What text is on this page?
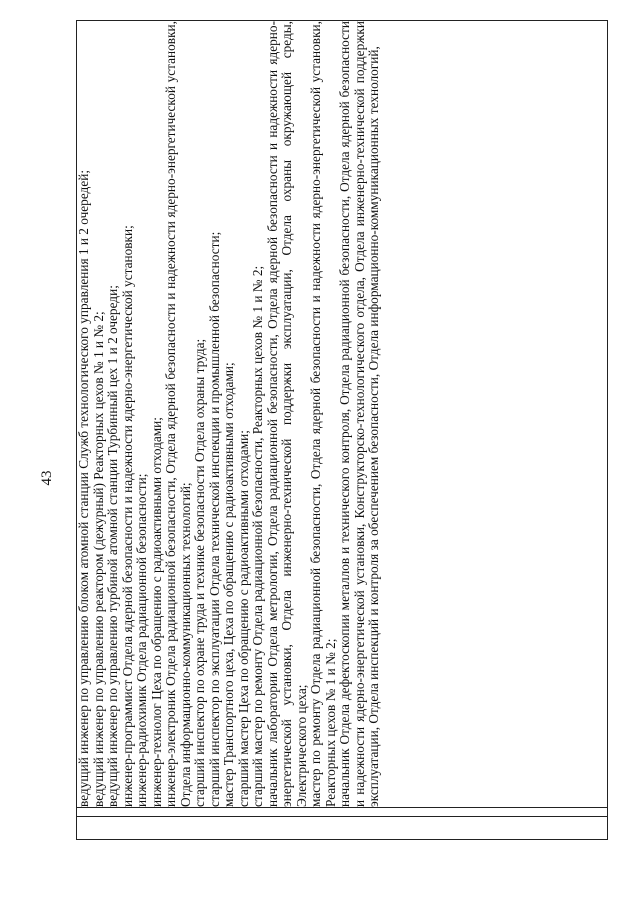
43

		ведущий инженер по управлению блоком атомной станции Служб технологического управления 1 и 2 очередей; ведущий инженер по управлению реактором (дежурный) Реакторных цехов № 1 и № 2; ведущий инженер по управлению турбиной атомной станции Турбинный цех 1 и 2 очереди; инженер-программист Отдела ядерной безопасности и надежности ядерно-энергетической установки; инженер-радиохимик Отдела радиационной безопасности; инженер-технолог Цеха по обращению с радиоактивными отходами; инженер-электроник Отдела радиационной безопасности, Отдела ядерной безопасности и надежности ядерно-энергетической установки, Отдела информационно-коммуникационных технологий; старший инспектор по охране труда и технике безопасности Отдела охраны труда; старший инспектор по эксплуатации Отдела технической инспекции и промышленной безопасности; мастер Транспортного цеха, Цеха по обращению с радиоактивными отходами; старший мастер Цеха по обращению с радиоактивными отходами; старший мастер по ремонту Отдела радиационной безопасности, Реакторных цехов № 1 и № 2; начальник лаборатории Отдела метрологии, Отдела радиационной безопасности, Отдела ядерной безопасности и надежности ядерно-энергетической установки, Отдела инженерно-технической поддержки эксплуатации, Отдела охраны окружающей среды, Электрического цеха; мастер по ремонту Отдела радиационной безопасности, Отдела ядерной безопасности и надежности ядерно-энергетической установки, Реакторных цехов № 1 и № 2; начальник Отдела дефектоскопии металлов и технического контроля, Отдела радиационной безопасности, Отдела ядерной безопасности и надежности ядерно-энергетической установки, Конструкторско-технологического отдела, Отдела инженерно-технической поддержки эксплуатации, Отдела инспекций и контроля за обеспечением безопасности, Отдела информационно-коммуникационных технологий,
